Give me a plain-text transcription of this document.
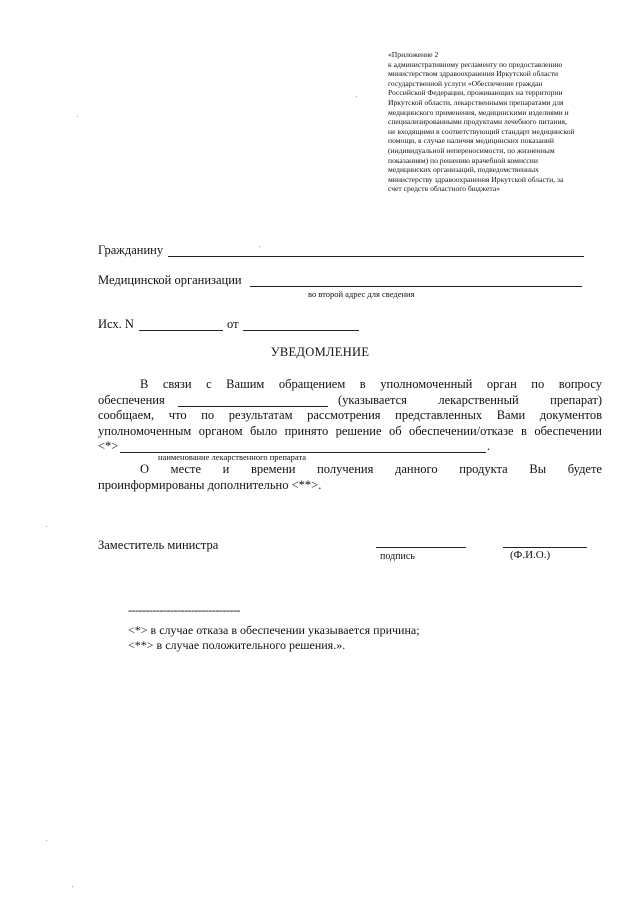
«Приложение 2
к административному регламенту по предоставлению
министерством здравоохранения Иркутской области
государственной услуги «Обеспечение граждан
Российской Федерации, проживающих на территории
Иркутской области, лекарственными препаратами для
медицинского применения, медицинскими изделиями и
специализированными продуктами лечебного питания,
не входящими в соответствующий стандарт медицинской
помощи, в случае наличия медицинских показаний
(индивидуальной непереносимости, по жизненным
показаниям) по решению врачебной комиссии
медицинских организаций, подведомственных
министерству здравоохранения Иркутской области, за
счет средств областного бюджета»
Гражданину
Медицинской организации
во второй адрес для сведения
Исх. N	от
УВЕДОМЛЕНИЕ
В связи с Вашим обращением в уполномоченный орган по вопросу
обеспечения	(указывается лекарственный препарат)
сообщаем, что по результатам рассмотрения представленных Вами документов
уполномоченным органом было принято решение об обеспечении/отказе в обеспечении
<*>	.
наименование лекарственного препарата
О месте и времени получения данного продукта Вы будете
проинформированы дополнительно <**>.
Заместитель министра
подпись	(Ф.И.О.)
--------------------------------
<*> в случае отказа в обеспечении указывается причина;
<**> в случае положительного решения.».
